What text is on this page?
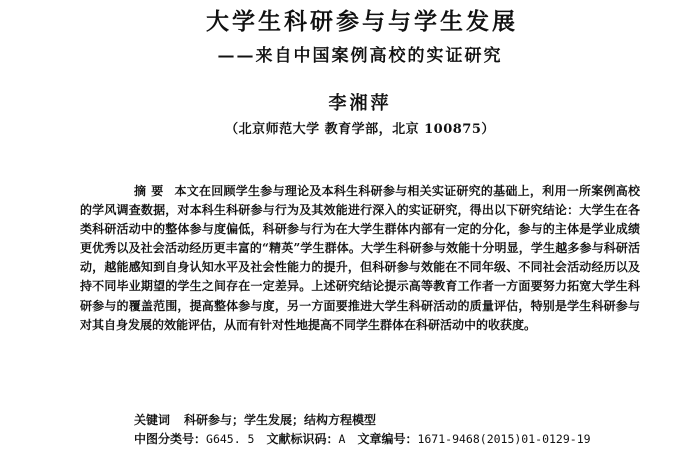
大学生科研参与与学生发展
——来自中国案例高校的实证研究
李湘萍
（北京师范大学 教育学部，北京 100875）

摘要 本文在回顾学生参与理论及本科生科研参与相关实证研究的基础上，利用一所案例高校的学风调查数据，对本科生科研参与行为及其效能进行深入的实证研究，得出以下研究结论：大学生在各类科研活动中的整体参与度偏低，科研参与行为在大学生群体内部有一定的分化，参与的主体是学业成绩更优秀以及社会活动经历更丰富的“精英”学生群体。大学生科研参与效能十分明显，学生越多参与科研活动，越能感知到自身认知水平及社会性能力的提升，但科研参与效能在不同年级、不同社会活动经历以及持不同毕业期望的学生之间存在一定差异。上述研究结论提示高等教育工作者一方面要努力拓宽大学生科研参与的覆盖范围，提高整体参与度，另一方面要推进大学生科研活动的质量评估，特别是学生科研参与对其自身发展的效能评估，从而有针对性地提高不同学生群体在科研活动中的收获度。

关键词 科研参与；学生发展；结构方程模型
中图分类号：G645. 5 文献标识码：A 文章编号：1671-9468(2015)01-0129-19
